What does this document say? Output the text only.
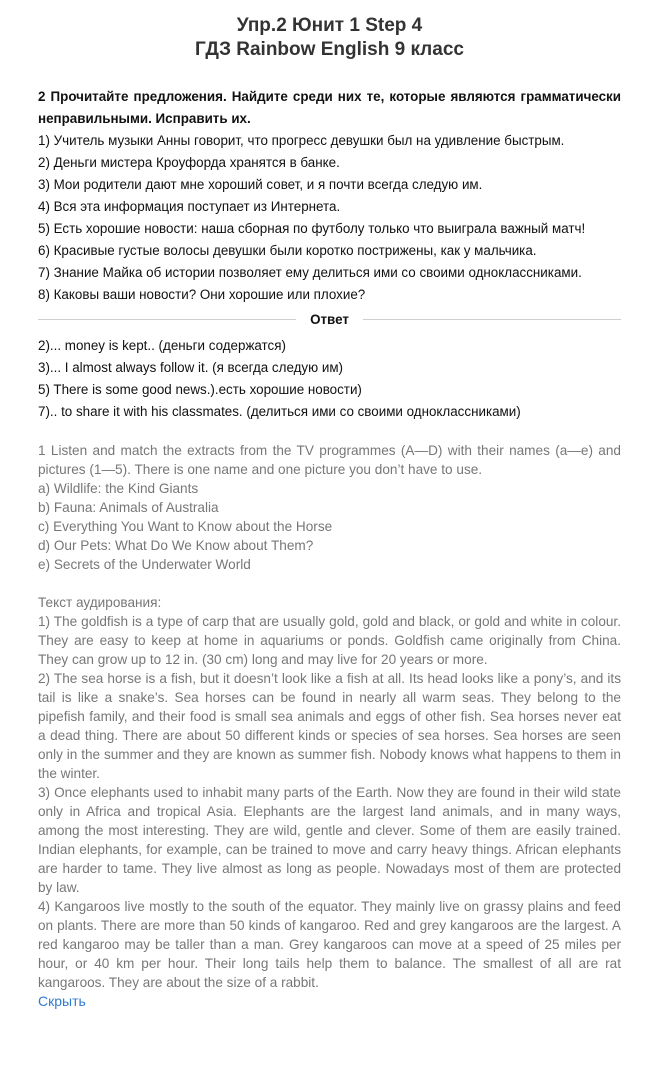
Упр.2 Юнит 1 Step 4
ГДЗ Rainbow English 9 класс

2 Прочитайте предложения. Найдите среди них те, которые являются грамматически неправильными. Исправить их.

1) Учитель музыки Анны говорит, что прогресс девушки был на удивление быстрым.

2) Деньги мистера Кроуфорда хранятся в банке.

3) Мои родители дают мне хороший совет, и я почти всегда следую им.

4) Вся эта информация поступает из Интернета.

5) Есть хорошие новости: наша сборная по футболу только что выиграла важный матч!

6) Красивые густые волосы девушки были коротко пострижены, как у мальчика.

7) Знание Майка об истории позволяет ему делиться ими со своими одноклассниками.

8) Каковы ваши новости? Они хорошие или плохие?

Ответ

2)... money is kept.. (деньги содержатся)

3)... I almost always follow it. (я всегда следую им)

5) There is some good news.).есть хорошие новости)

7).. to share it with his classmates. (делиться ими со своими одноклассниками)

1 Listen and match the extracts from the TV programmes (A—D) with their names (a—e) and pictures (1—5). There is one name and one picture you don’t have to use.

a) Wildlife: the Kind Giants

b) Fauna: Animals of Australia

c) Everything You Want to Know about the Horse

d) Our Pets: What Do We Know about Them?

e) Secrets of the Underwater World

Текст аудирования:

1) The goldfish is a type of carp that are usually gold, gold and black, or gold and white in colour. They are easy to keep at home in aquariums or ponds. Goldfish came originally from China. They can grow up to 12 in. (30 cm) long and may live for 20 years or more.

2) The sea horse is a fish, but it doesn’t look like a fish at all. Its head looks like a pony’s, and its tail is like a snake’s. Sea horses can be found in nearly all warm seas. They belong to the pipefish family, and their food is small sea animals and eggs of other fish. Sea horses never eat a dead thing. There are about 50 different kinds or species of sea horses. Sea horses are seen only in the summer and they are known as summer fish. Nobody knows what happens to them in the winter.

3) Once elephants used to inhabit many parts of the Earth. Now they are found in their wild state only in Africa and tropical Asia. Elephants are the largest land animals, and in many ways, among the most interesting. They are wild, gentle and clever. Some of them are easily trained. Indian elephants, for example, can be trained to move and carry heavy things. African elephants are harder to tame. They live almost as long as people. Nowadays most of them are protected by law.

4) Kangaroos live mostly to the south of the equator. They mainly live on grassy plains and feed on plants. There are more than 50 kinds of kangaroo. Red and grey kangaroos are the largest. A red kangaroo may be taller than a man. Grey kangaroos can move at a speed of 25 miles per hour, or 40 km per hour. Their long tails help them to balance. The smallest of all are rat kangaroos. They are about the size of a rabbit.

Скрыть
